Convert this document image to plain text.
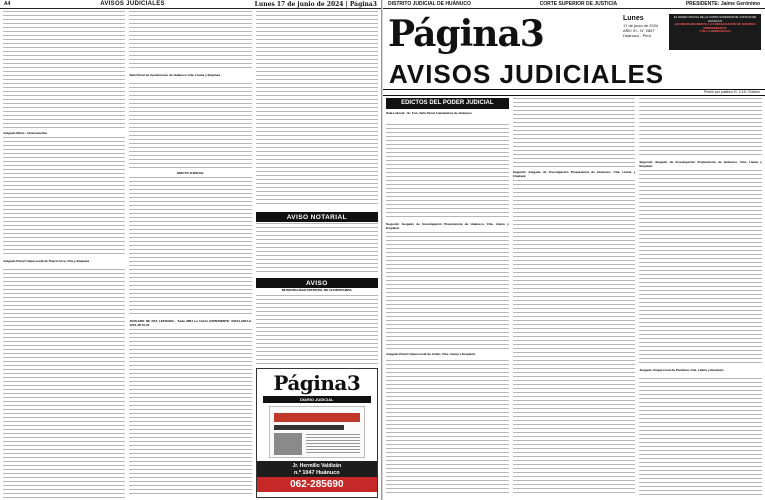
A4	AVISOS JUDICIALES	Lunes 17 de junio de 2024 | Página3
Juzgado Mixto - Huancavelica
Juzgado Penal Unipersonal de Puerto Inca, Cita y Emplaza
Sala Penal de Apelaciones de Huánuco Cita, Llama y Emplaza
EDICTO JUDICIAL
JUZGADO DE PAZ LETRADO - Sede MBJ La Unión EXPEDIENTE: 00014-2024-0-1201-JP-CI-01
AVISO NOTARIAL
AVISO
MUNICIPALIDAD DISTRITAL DE CHURUBAMBA
Página3
DIARIO JUDICIAL
Jr. Hermilio Valdizán
n.º 1047 Huánuco
062-285690
DISTRITO JUDICIAL DE HUÁNUCO	CORTE SUPERIOR DE JUSTICIA	PRESIDENTE: Jaime Gerónimo
Página3	Lunes
17 de junio de 2024
AÑO XI - N° 2857
Huánuco - Perú
EL DIARIO OFICIAL DE LA CORTE SUPERIOR DE JUSTICIA DE HUÁNUCO
¡NO NECESARIAMENTE, LA CONSOLIDACIÓN DE NUESTRA INDEPENDENCIA
Y DE LA DEMOCRACIA!
AVISOS JUDICIALES
Precio por palabra S/. 0.16 / Edición
EDICTOS DEL PODER JUDICIAL
Sala Laboral - Sr. Fun. Sala Penal Liquidadora de Huánuco
Segundo Juzgado de Investigación Preparatoria de Huánuco, Cita, Llama y Emplaza:
Juzgado Penal Unipersonal de Ambo, Cita, Llama y Emplaza:
Segundo Juzgado de Investigación Preparatoria de Huánuco, Cita, Llama y Emplaza:
Segundo Juzgado de Investigación Preparatoria de Huánuco, Cita, Llama y Emplaza:
Juzgado Unipersonal de Pachitea, Cita, Llama y Emplaza:
